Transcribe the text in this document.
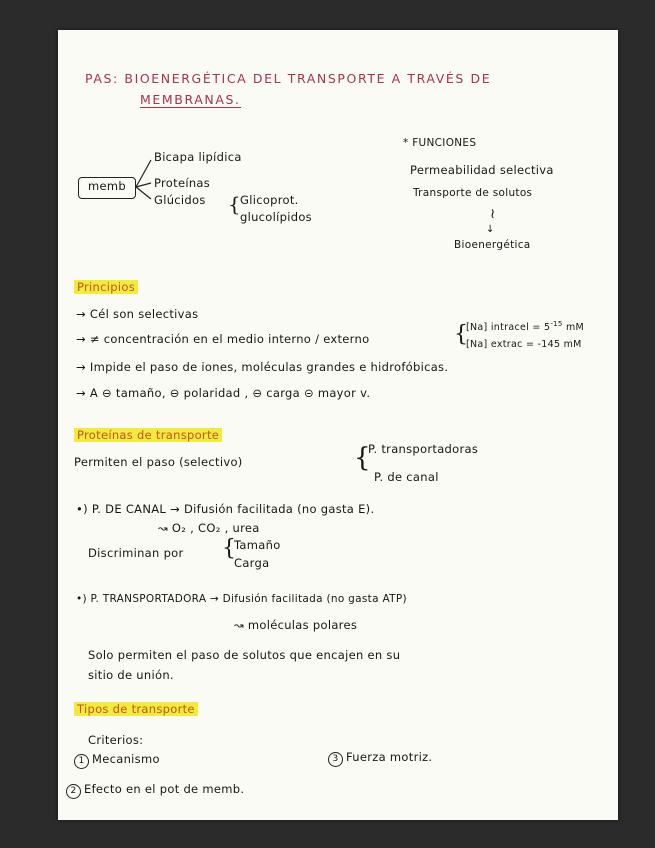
PAS: BIOENERGÉTICA DEL TRANSPORTE A TRAVÉS DE
MEMBRANAS.
memb
Bicapa lipídica
Proteínas
Glúcidos {
Glicoprot.
glucolípidos
* FUNCIONES
Permeabilidad selectiva
Transporte de solutos
≀
↓
Bioenergética
Principios
→ Cél son selectivas
→ ≠ concentración en el medio interno / externo	{
[Na] intracel = $5^{-15}$ mM
[Na] extrac = -145 mM
→ Impide el paso de iones, moléculas grandes e hidrofóbicas.
→ A ⊖ tamaño, ⊖ polaridad , ⊖ carga ⊝ mayor v.
Proteínas de transporte
Permiten el paso (selectivo)	{
P. transportadoras
P. de canal
•) P. DE CANAL → Difusión facilitada (no gasta E).
↝ O₂ , CO₂ , urea
Discriminan por {
Tamaño
Carga
•) P. TRANSPORTADORA → Difusión facilitada (no gasta ATP)
↝ moléculas polares
Solo permiten el paso de solutos que encajen en su
sitio de unión.
Tipos de transporte
Criterios:
1 Mecanismo	3 Fuerza motriz.
2 Efecto en el pot de memb.
